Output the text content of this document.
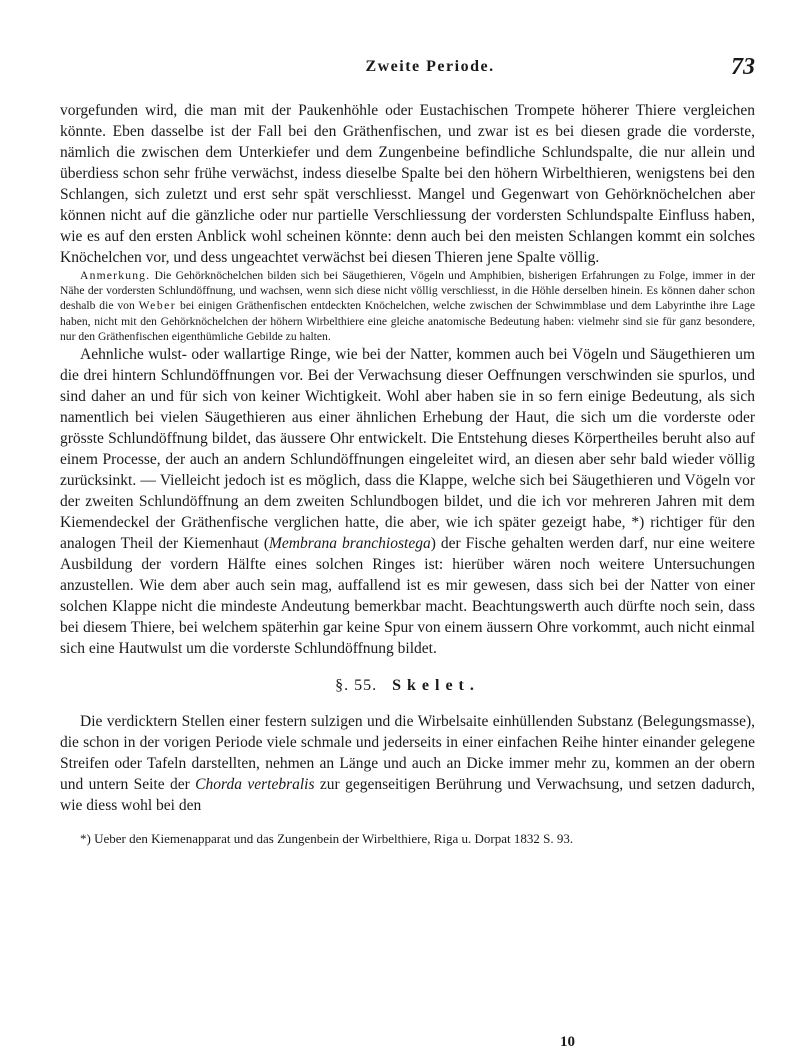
Zweite Periode.	73

vorgefunden wird, die man mit der Paukenhöhle oder Eustachischen Trompete höherer Thiere vergleichen könnte. Eben dasselbe ist der Fall bei den Gräthenfischen, und zwar ist es bei diesen grade die vorderste, nämlich die zwischen dem Unterkiefer und dem Zungenbeine befindliche Schlundspalte, die nur allein und überdiess schon sehr frühe verwächst, indess dieselbe Spalte bei den höhern Wirbelthieren, wenigstens bei den Schlangen, sich zuletzt und erst sehr spät verschliesst. Mangel und Gegenwart von Gehörknöchelchen aber können nicht auf die gänzliche oder nur partielle Verschliessung der vordersten Schlundspalte Einfluss haben, wie es auf den ersten Anblick wohl scheinen könnte: denn auch bei den meisten Schlangen kommt ein solches Knöchelchen vor, und dess ungeachtet verwächst bei diesen Thieren jene Spalte völlig.

Anmerkung. Die Gehörknöchelchen bilden sich bei Säugethieren, Vögeln und Amphibien, bisherigen Erfahrungen zu Folge, immer in der Nähe der vordersten Schlundöffnung, und wachsen, wenn sich diese nicht völlig verschliesst, in die Höhle derselben hinein. Es können daher schon deshalb die von Weber bei einigen Gräthenfischen entdeckten Knöchelchen, welche zwischen der Schwimmblase und dem Labyrinthe ihre Lage haben, nicht mit den Gehörknöchelchen der höhern Wirbelthiere eine gleiche anatomische Bedeutung haben: vielmehr sind sie für ganz besondere, nur den Gräthenfischen eigenthümliche Gebilde zu halten.

Aehnliche wulst- oder wallartige Ringe, wie bei der Natter, kommen auch bei Vögeln und Säugethieren um die drei hintern Schlundöffnungen vor. Bei der Verwachsung dieser Oeffnungen verschwinden sie spurlos, und sind daher an und für sich von keiner Wichtigkeit. Wohl aber haben sie in so fern einige Bedeutung, als sich namentlich bei vielen Säugethieren aus einer ähnlichen Erhebung der Haut, die sich um die vorderste oder grösste Schlundöffnung bildet, das äussere Ohr entwickelt. Die Entstehung dieses Körpertheiles beruht also auf einem Processe, der auch an andern Schlundöffnungen eingeleitet wird, an diesen aber sehr bald wieder völlig zurücksinkt. — Vielleicht jedoch ist es möglich, dass die Klappe, welche sich bei Säugethieren und Vögeln vor der zweiten Schlundöffnung an dem zweiten Schlundbogen bildet, und die ich vor mehreren Jahren mit dem Kiemendeckel der Gräthenfische verglichen hatte, die aber, wie ich später gezeigt habe, *) richtiger für den analogen Theil der Kiemenhaut (Membrana branchiostega) der Fische gehalten werden darf, nur eine weitere Ausbildung der vordern Hälfte eines solchen Ringes ist: hierüber wären noch weitere Untersuchungen anzustellen. Wie dem aber auch sein mag, auffallend ist es mir gewesen, dass sich bei der Natter von einer solchen Klappe nicht die mindeste Andeutung bemerkbar macht. Beachtungswerth auch dürfte noch sein, dass bei diesem Thiere, bei welchem späterhin gar keine Spur von einem äussern Ohre vorkommt, auch nicht einmal sich eine Hautwulst um die vorderste Schlundöffnung bildet.

§. 55. Skelet.

Die verdicktern Stellen einer festern sulzigen und die Wirbelsaite einhüllenden Substanz (Belegungsmasse), die schon in der vorigen Periode viele schmale und jederseits in einer einfachen Reihe hinter einander gelegene Streifen oder Tafeln darstellten, nehmen an Länge und auch an Dicke immer mehr zu, kommen an der obern und untern Seite der Chorda vertebralis zur gegenseitigen Berührung und Verwachsung, und setzen dadurch, wie diess wohl bei den

*) Ueber den Kiemenapparat und das Zungenbein der Wirbelthiere, Riga u. Dorpat 1832 S. 93.

10
